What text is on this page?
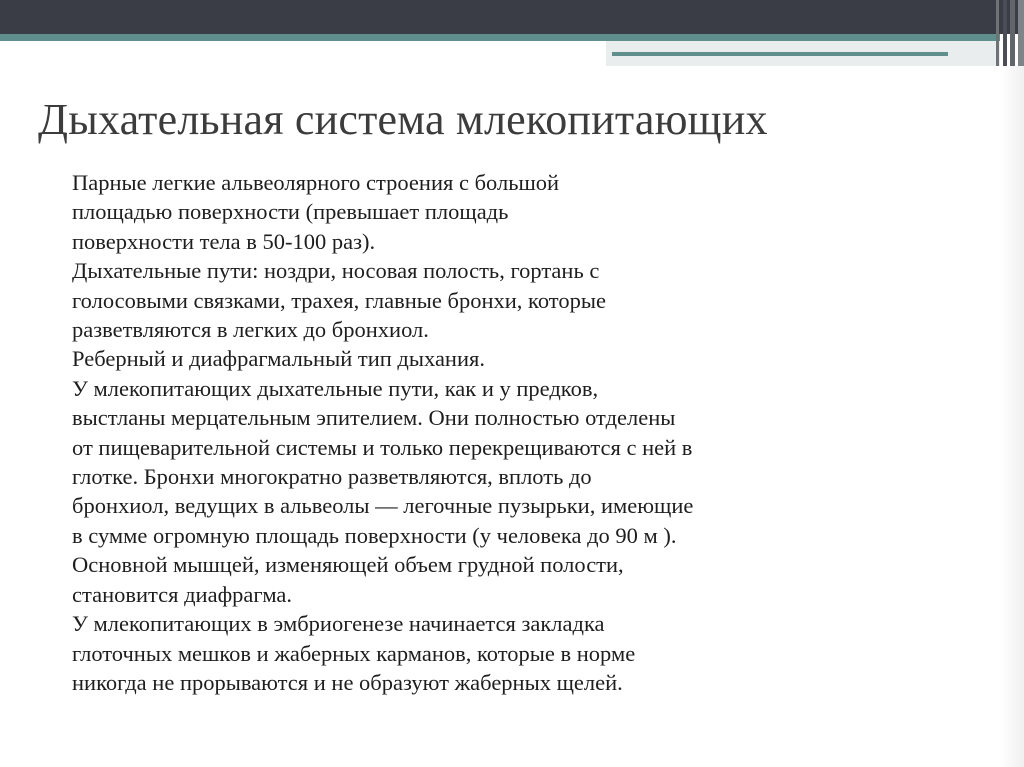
Дыхательная система млекопитающих
Парные легкие альвеолярного строения с большой
площадью поверхности (превышает площадь
поверхности тела в 50-100 раз).
Дыхательные пути: ноздри, носовая полость, гортань с
голосовыми связками, трахея, главные бронхи, которые
разветвляются в легких до бронхиол.
Реберный и диафрагмальный тип дыхания.
У млекопитающих дыхательные пути, как и у предков,
выстланы мерцательным эпителием. Они полностью отделены
от пищеварительной системы и только перекрещиваются с ней в
глотке. Бронхи многократно разветвляются, вплоть до
бронхиол, ведущих в альвеолы — легочные пузырьки, имеющие
в сумме огромную площадь поверхности (у человека до 90 м ).
Основной мышцей, изменяющей объем грудной полости,
становится диафрагма.
У млекопитающих в эмбриогенезе начинается закладка
глоточных мешков и жаберных карманов, которые в норме
никогда не прорываются и не образуют жаберных щелей.
